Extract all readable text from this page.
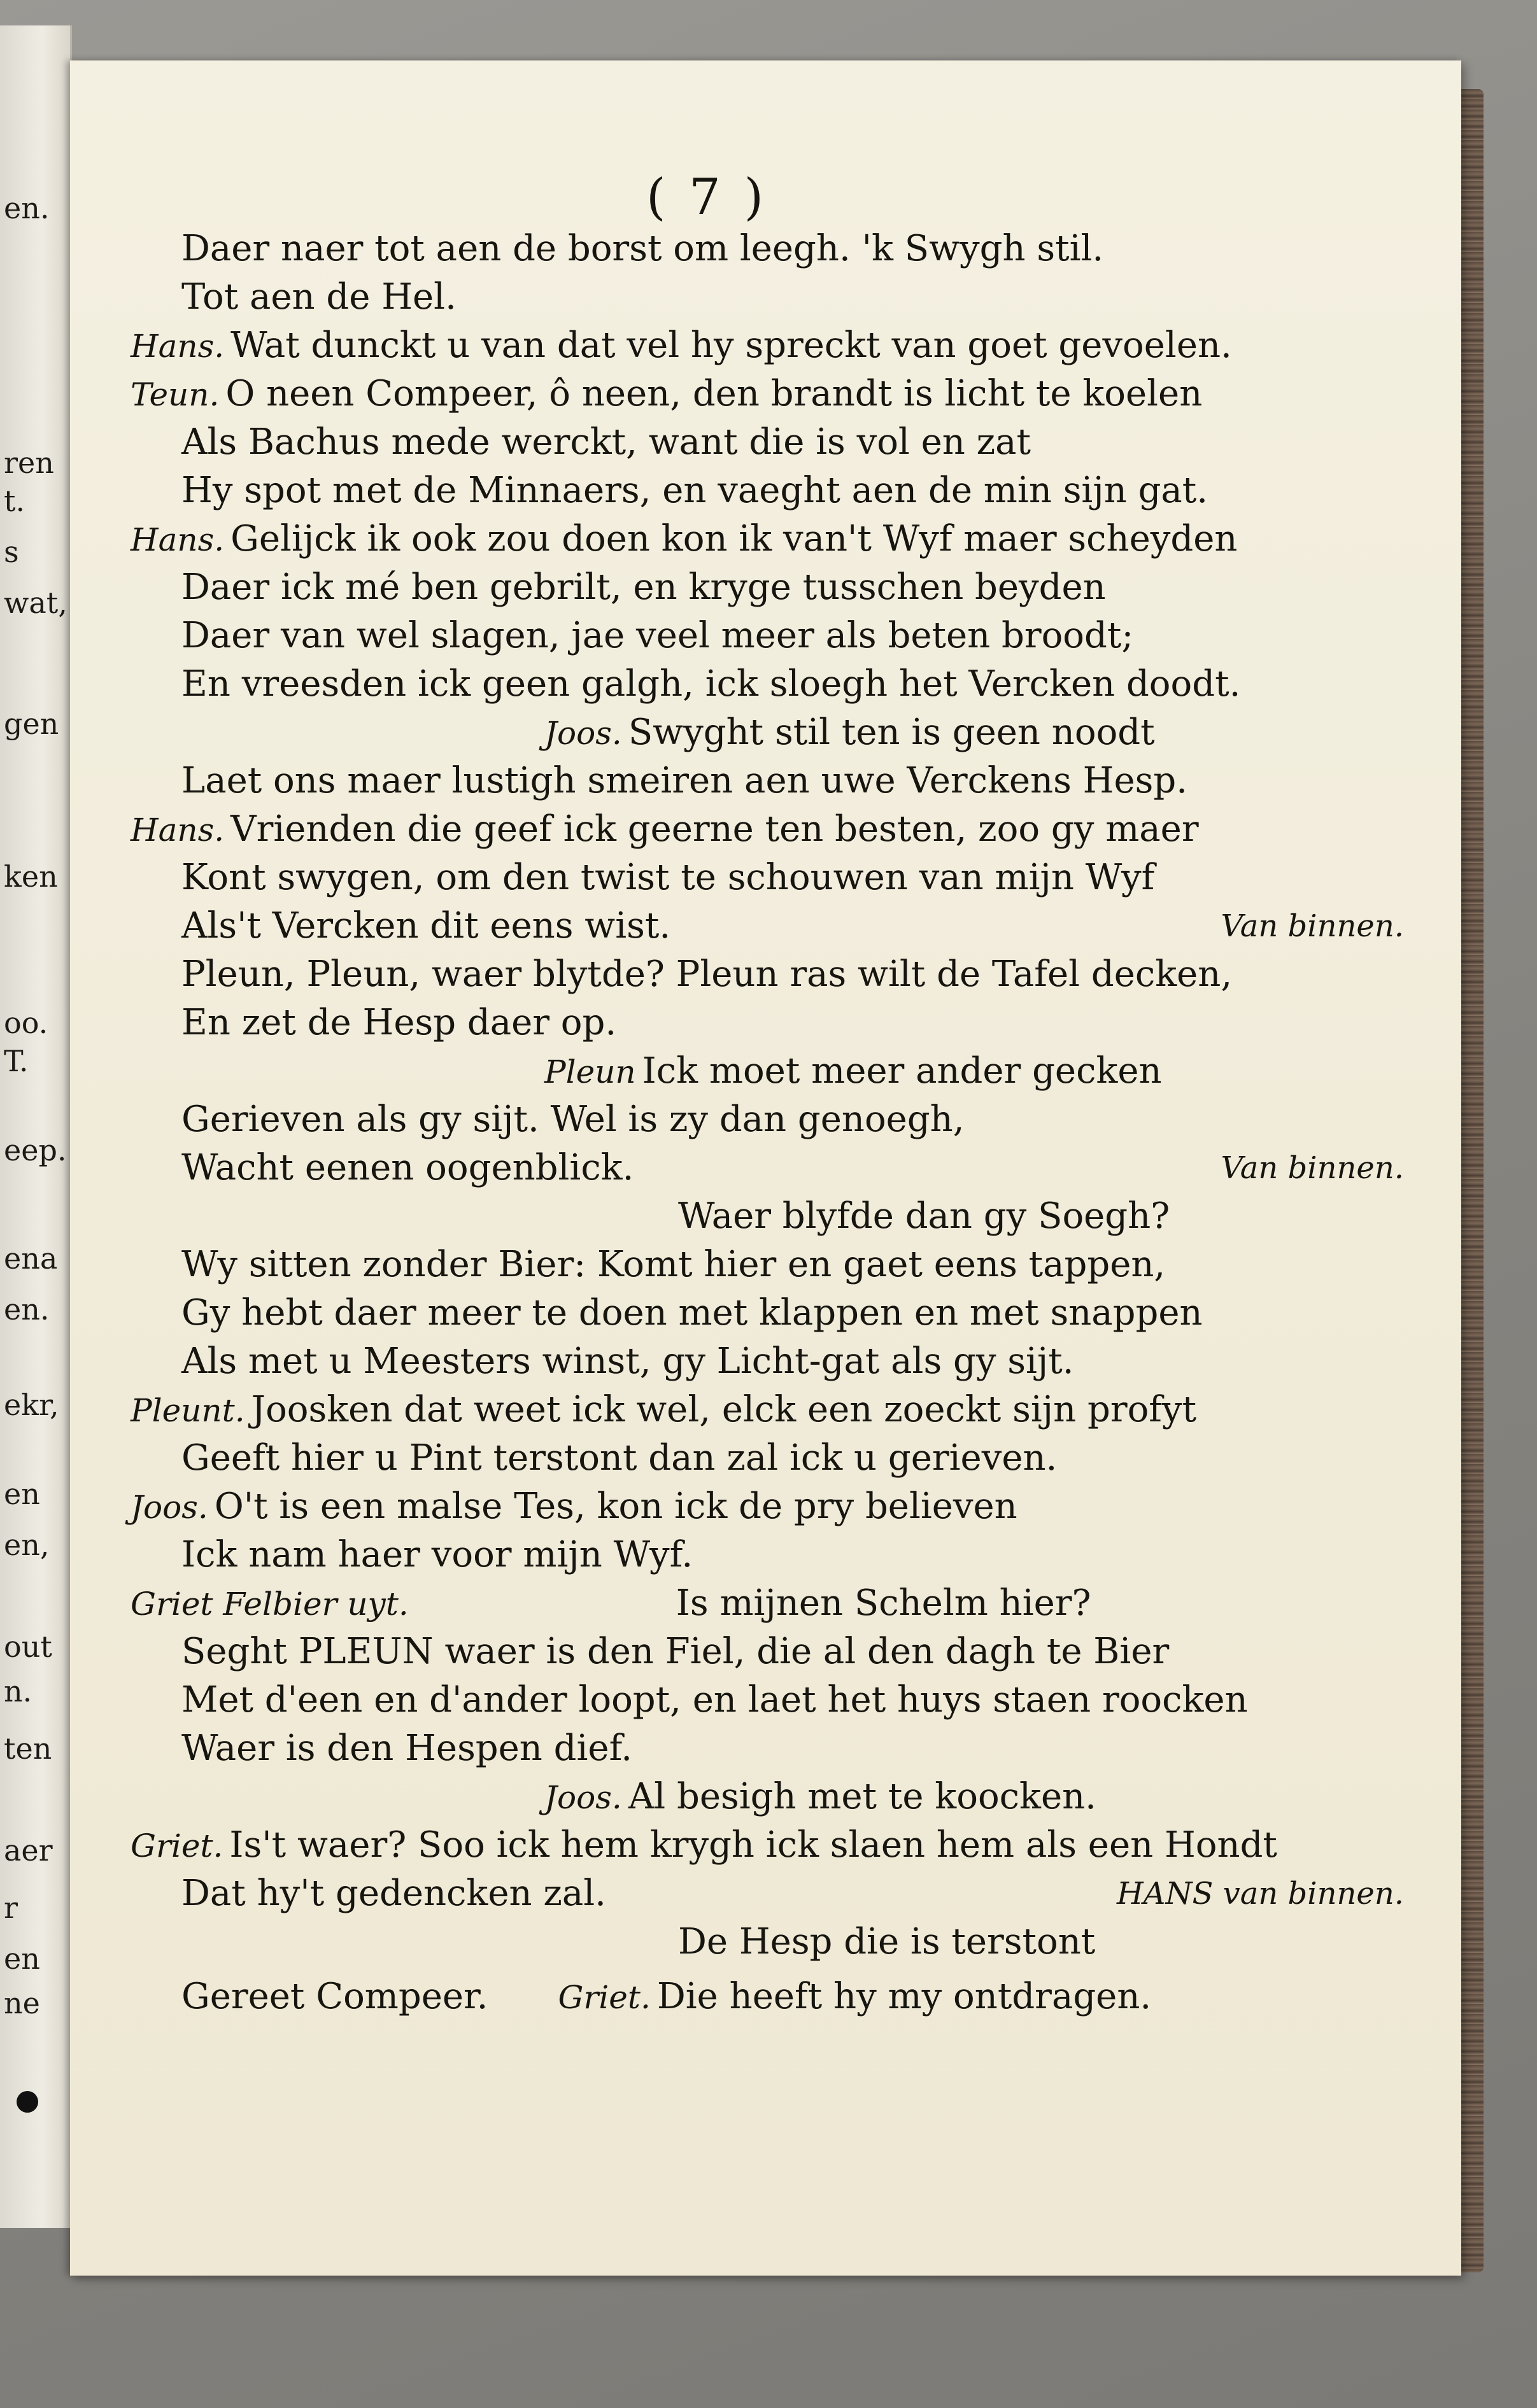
en.
ren
t.
s
wat,
gen
ken
oo.
T.
eep.
ena
en.
ekr,
en
en,
out
n.
ten
aer
r
en
ne
( 7 )
Daer naer tot aen de borst om leegh. 'k Swygh stil.
Tot aen de Hel.
Hans. Wat dunckt u van dat vel hy spreckt van goet gevoelen.
Teun. O neen Compeer, ô neen, den brandt is licht te koelen
Als Bachus mede werckt, want die is vol en zat
Hy spot met de Minnaers, en vaeght aen de min sijn gat.
Hans. Gelijck ik ook zou doen kon ik van't Wyf maer scheyden
Daer ick mé ben gebrilt, en kryge tusschen beyden
Daer van wel slagen, jae veel meer als beten broodt;
En vreesden ick geen galgh, ick sloegh het Vercken doodt.
Joos. Swyght stil ten is geen noodt
Laet ons maer lustigh smeiren aen uwe Verckens Hesp.
Hans. Vrienden die geef ick geerne ten besten, zoo gy maer
Kont swygen, om den twist te schouwen van mijn Wyf
Als't Vercken dit eens wist.	Van binnen.
Pleun, Pleun, waer blytde? Pleun ras wilt de Tafel decken,
En zet de Hesp daer op.
Pleun Ick moet meer ander gecken
Gerieven als gy sijt. Wel is zy dan genoegh,
Wacht eenen oogenblick.	Van binnen.
Waer blyfde dan gy Soegh?
Wy sitten zonder Bier: Komt hier en gaet eens tappen,
Gy hebt daer meer te doen met klappen en met snappen
Als met u Meesters winst, gy Licht-gat als gy sijt.
Pleunt. Joosken dat weet ick wel, elck een zoeckt sijn profyt
Geeft hier u Pint terstont dan zal ick u gerieven.
Joos. O't is een malse Tes, kon ick de pry believen
Ick nam haer voor mijn Wyf.
Griet Felbier uyt.	Is mijnen Schelm hier?
Seght PLEUN waer is den Fiel, die al den dagh te Bier
Met d'een en d'ander loopt, en laet het huys staen roocken
Waer is den Hespen dief.
Joos. Al besigh met te koocken.
Griet. Is't waer? Soo ick hem krygh ick slaen hem als een Hondt
Dat hy't gedencken zal.	HANS van binnen.
De Hesp die is terstont
Gereet Compeer. Griet. Die heeft hy my ontdragen.
